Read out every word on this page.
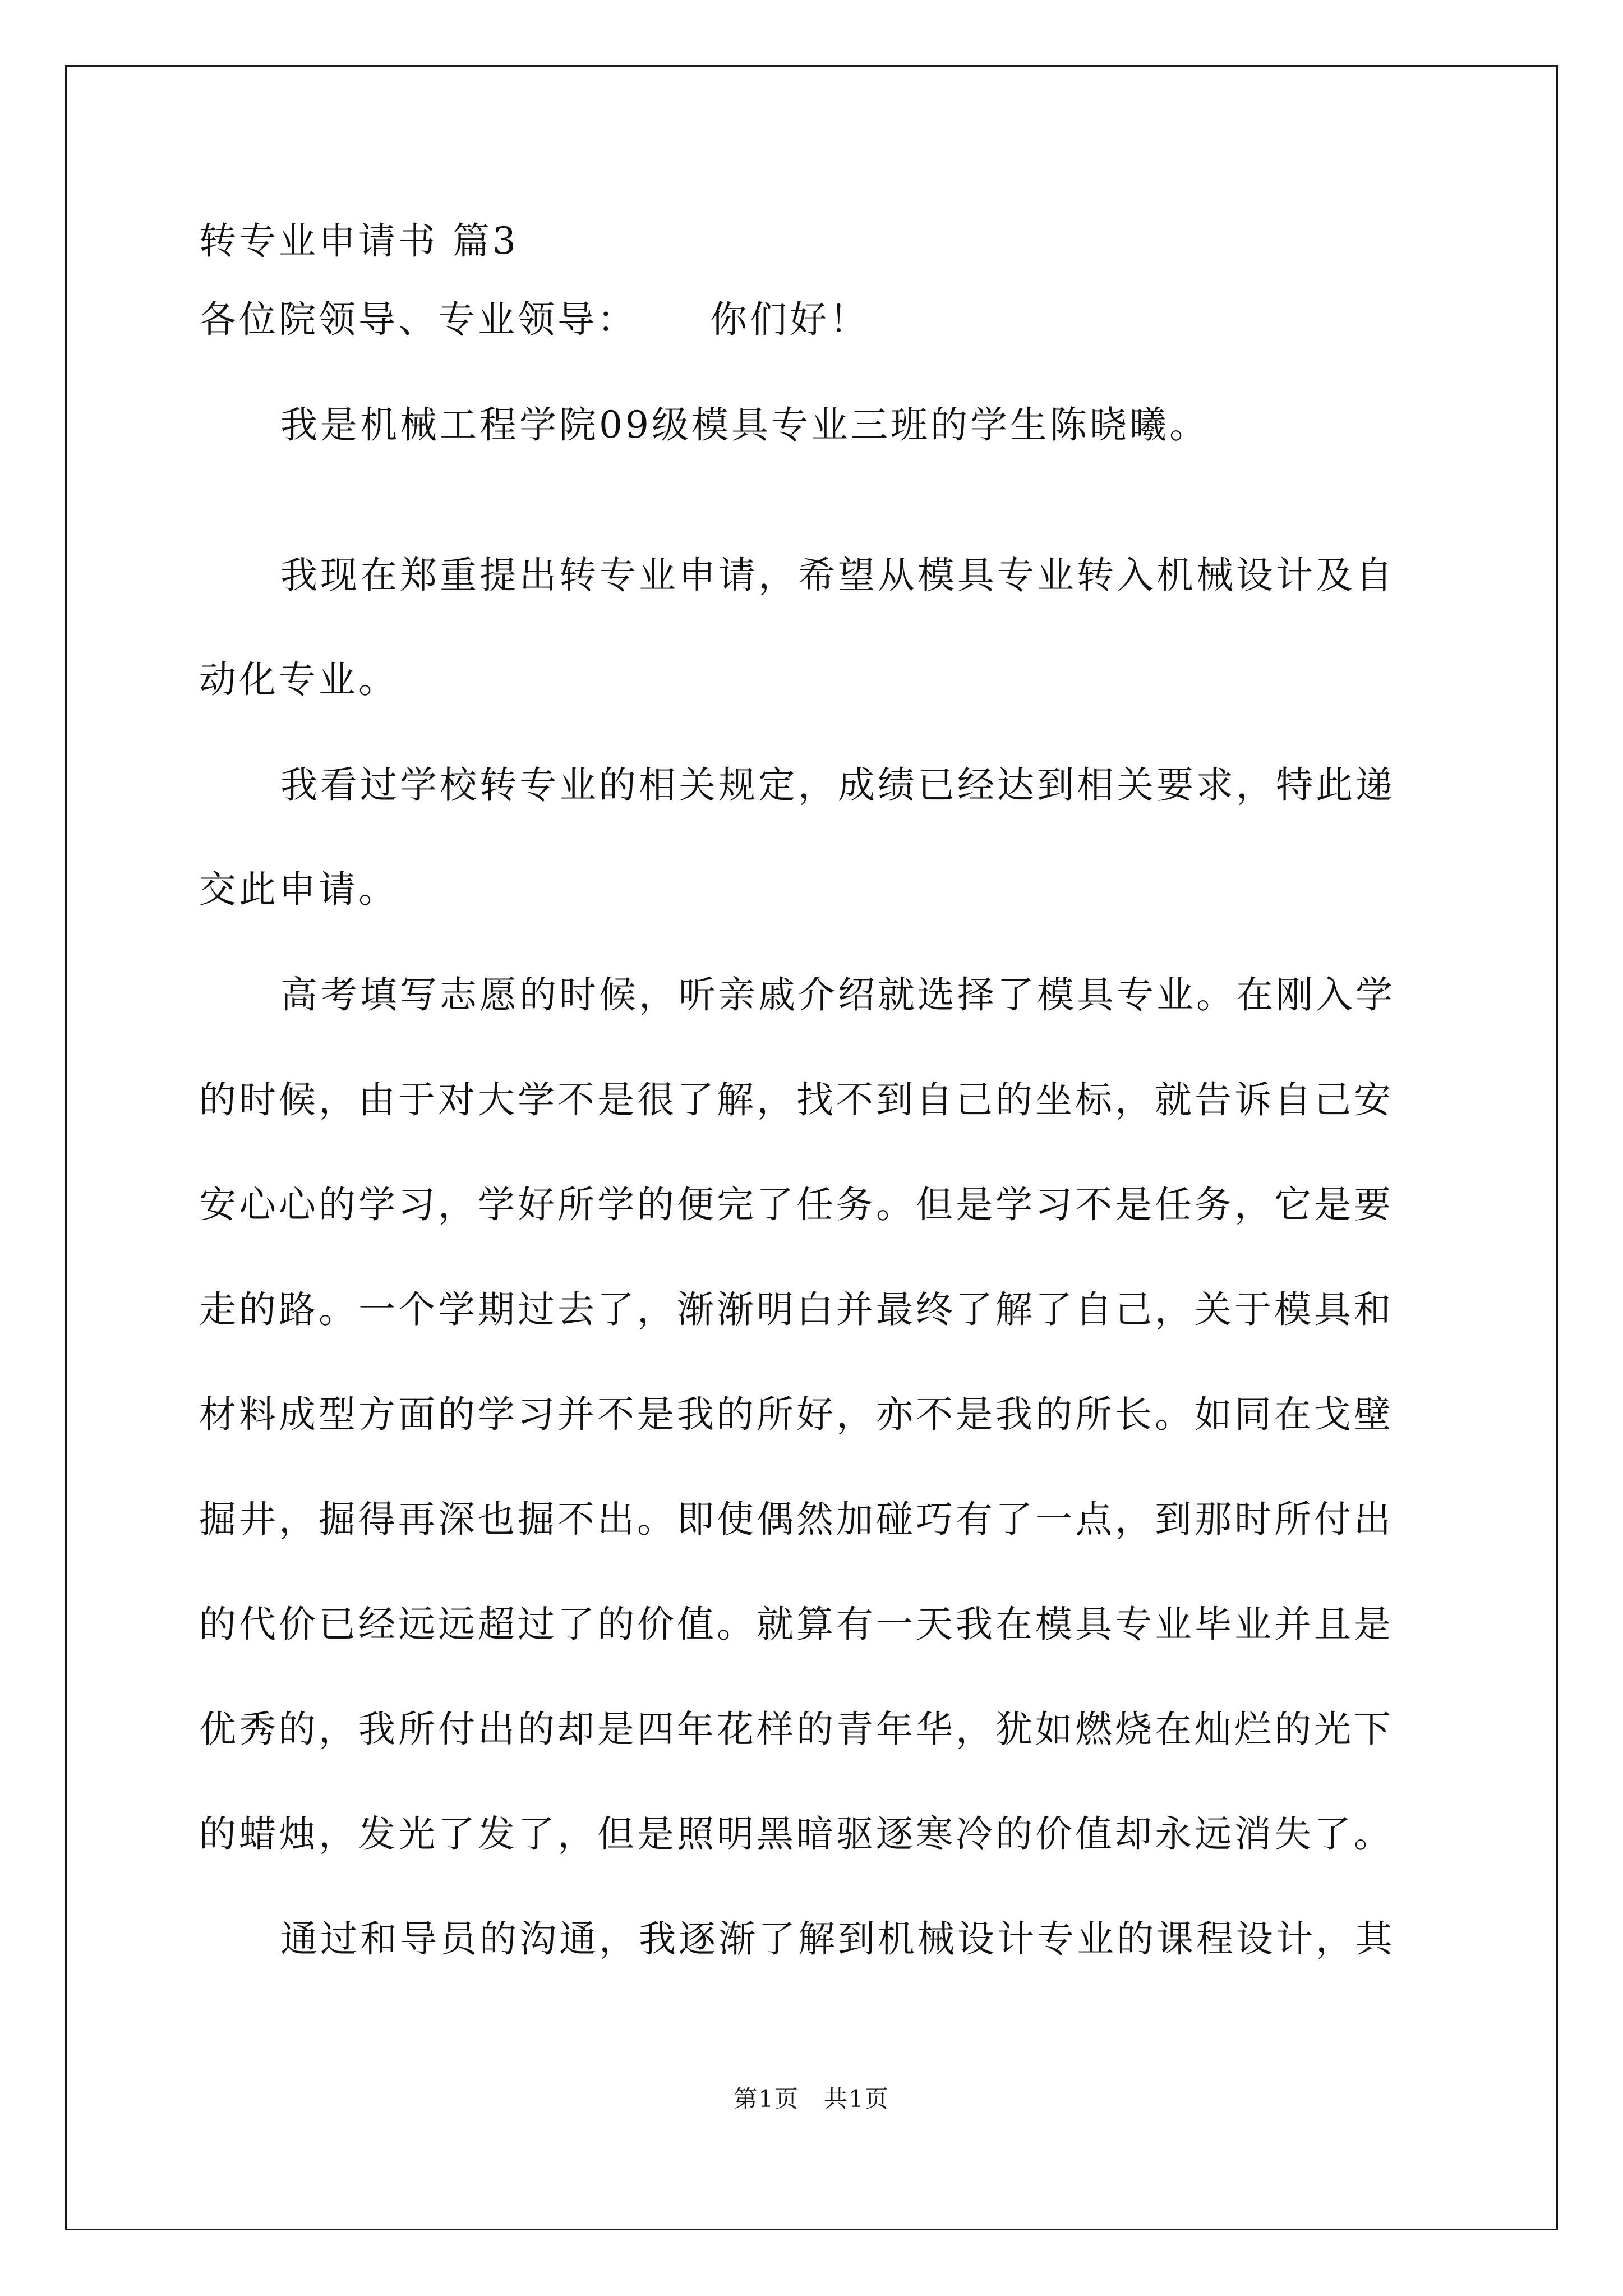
转专业申请书 篇3
各位院领导、专业领导： 你们好！
我是机械工程学院09级模具专业三班的学生陈晓曦。
我现在郑重提出转专业申请，希望从模具专业转入机械设计及自
动化专业。
我看过学校转专业的相关规定，成绩已经达到相关要求，特此递
交此申请。
高考填写志愿的时候，听亲戚介绍就选择了模具专业。在刚入学
的时候，由于对大学不是很了解，找不到自己的坐标，就告诉自己安
安心心的学习，学好所学的便完了任务。但是学习不是任务，它是要
走的路。一个学期过去了，渐渐明白并最终了解了自己，关于模具和
材料成型方面的学习并不是我的所好，亦不是我的所长。如同在戈壁
掘井，掘得再深也掘不出。即使偶然加碰巧有了一点，到那时所付出
的代价已经远远超过了的价值。就算有一天我在模具专业毕业并且是
优秀的，我所付出的却是四年花样的青年华，犹如燃烧在灿烂的光下
的蜡烛，发光了发了，但是照明黑暗驱逐寒冷的价值却永远消失了。
通过和导员的沟通，我逐渐了解到机械设计专业的课程设计，其
第1页　共1页
